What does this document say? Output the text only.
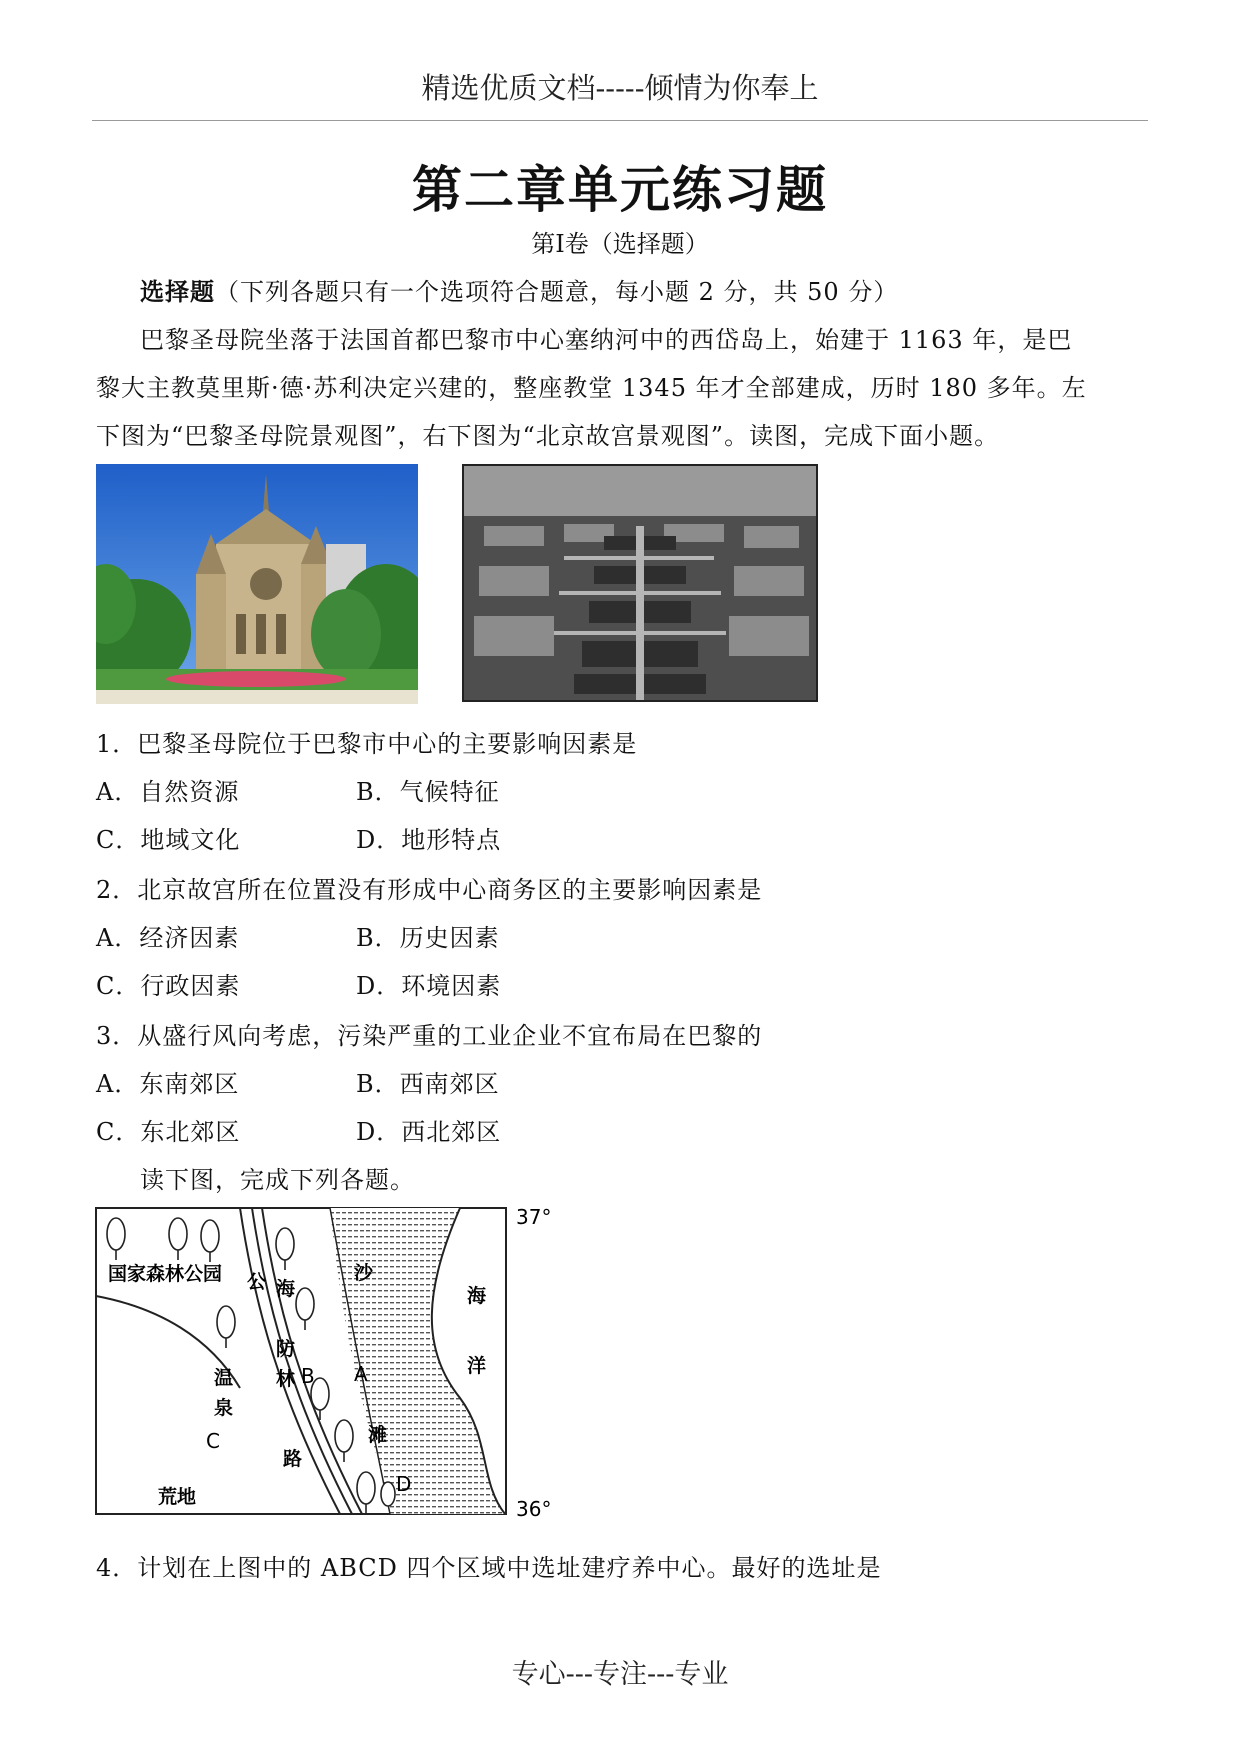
精选优质文档-----倾情为你奉上
第二章单元练习题
第Ⅰ卷（选择题）
选择题（下列各题只有一个选项符合题意，每小题 2 分，共 50 分）
巴黎圣母院坐落于法国首都巴黎市中心塞纳河中的西岱岛上，始建于 1163 年，是巴
黎大主教莫里斯·德·苏利决定兴建的，整座教堂 1345 年才全部建成，历时 180 多年。左
下图为“巴黎圣母院景观图”，右下图为“北京故宫景观图”。读图，完成下面小题。
1．巴黎圣母院位于巴黎市中心的主要影响因素是
A．自然资源	B．气候特征
C．地域文化	D．地形特点
2．北京故宫所在位置没有形成中心商务区的主要影响因素是
A．经济因素	B．历史因素
C．行政因素	D．环境因素
3．从盛行风向考虑，污染严重的工业企业不宜布局在巴黎的
A．东南郊区	B．西南郊区
C．东北郊区	D．西北郊区
读下图，完成下列各题。
37°
36°
国家森林公园 公
路
海
防
林 B
沙
A
滩
D
温
泉
C
荒地
海
洋
4．计划在上图中的 ABCD 四个区域中选址建疗养中心。最好的选址是
专心---专注---专业
